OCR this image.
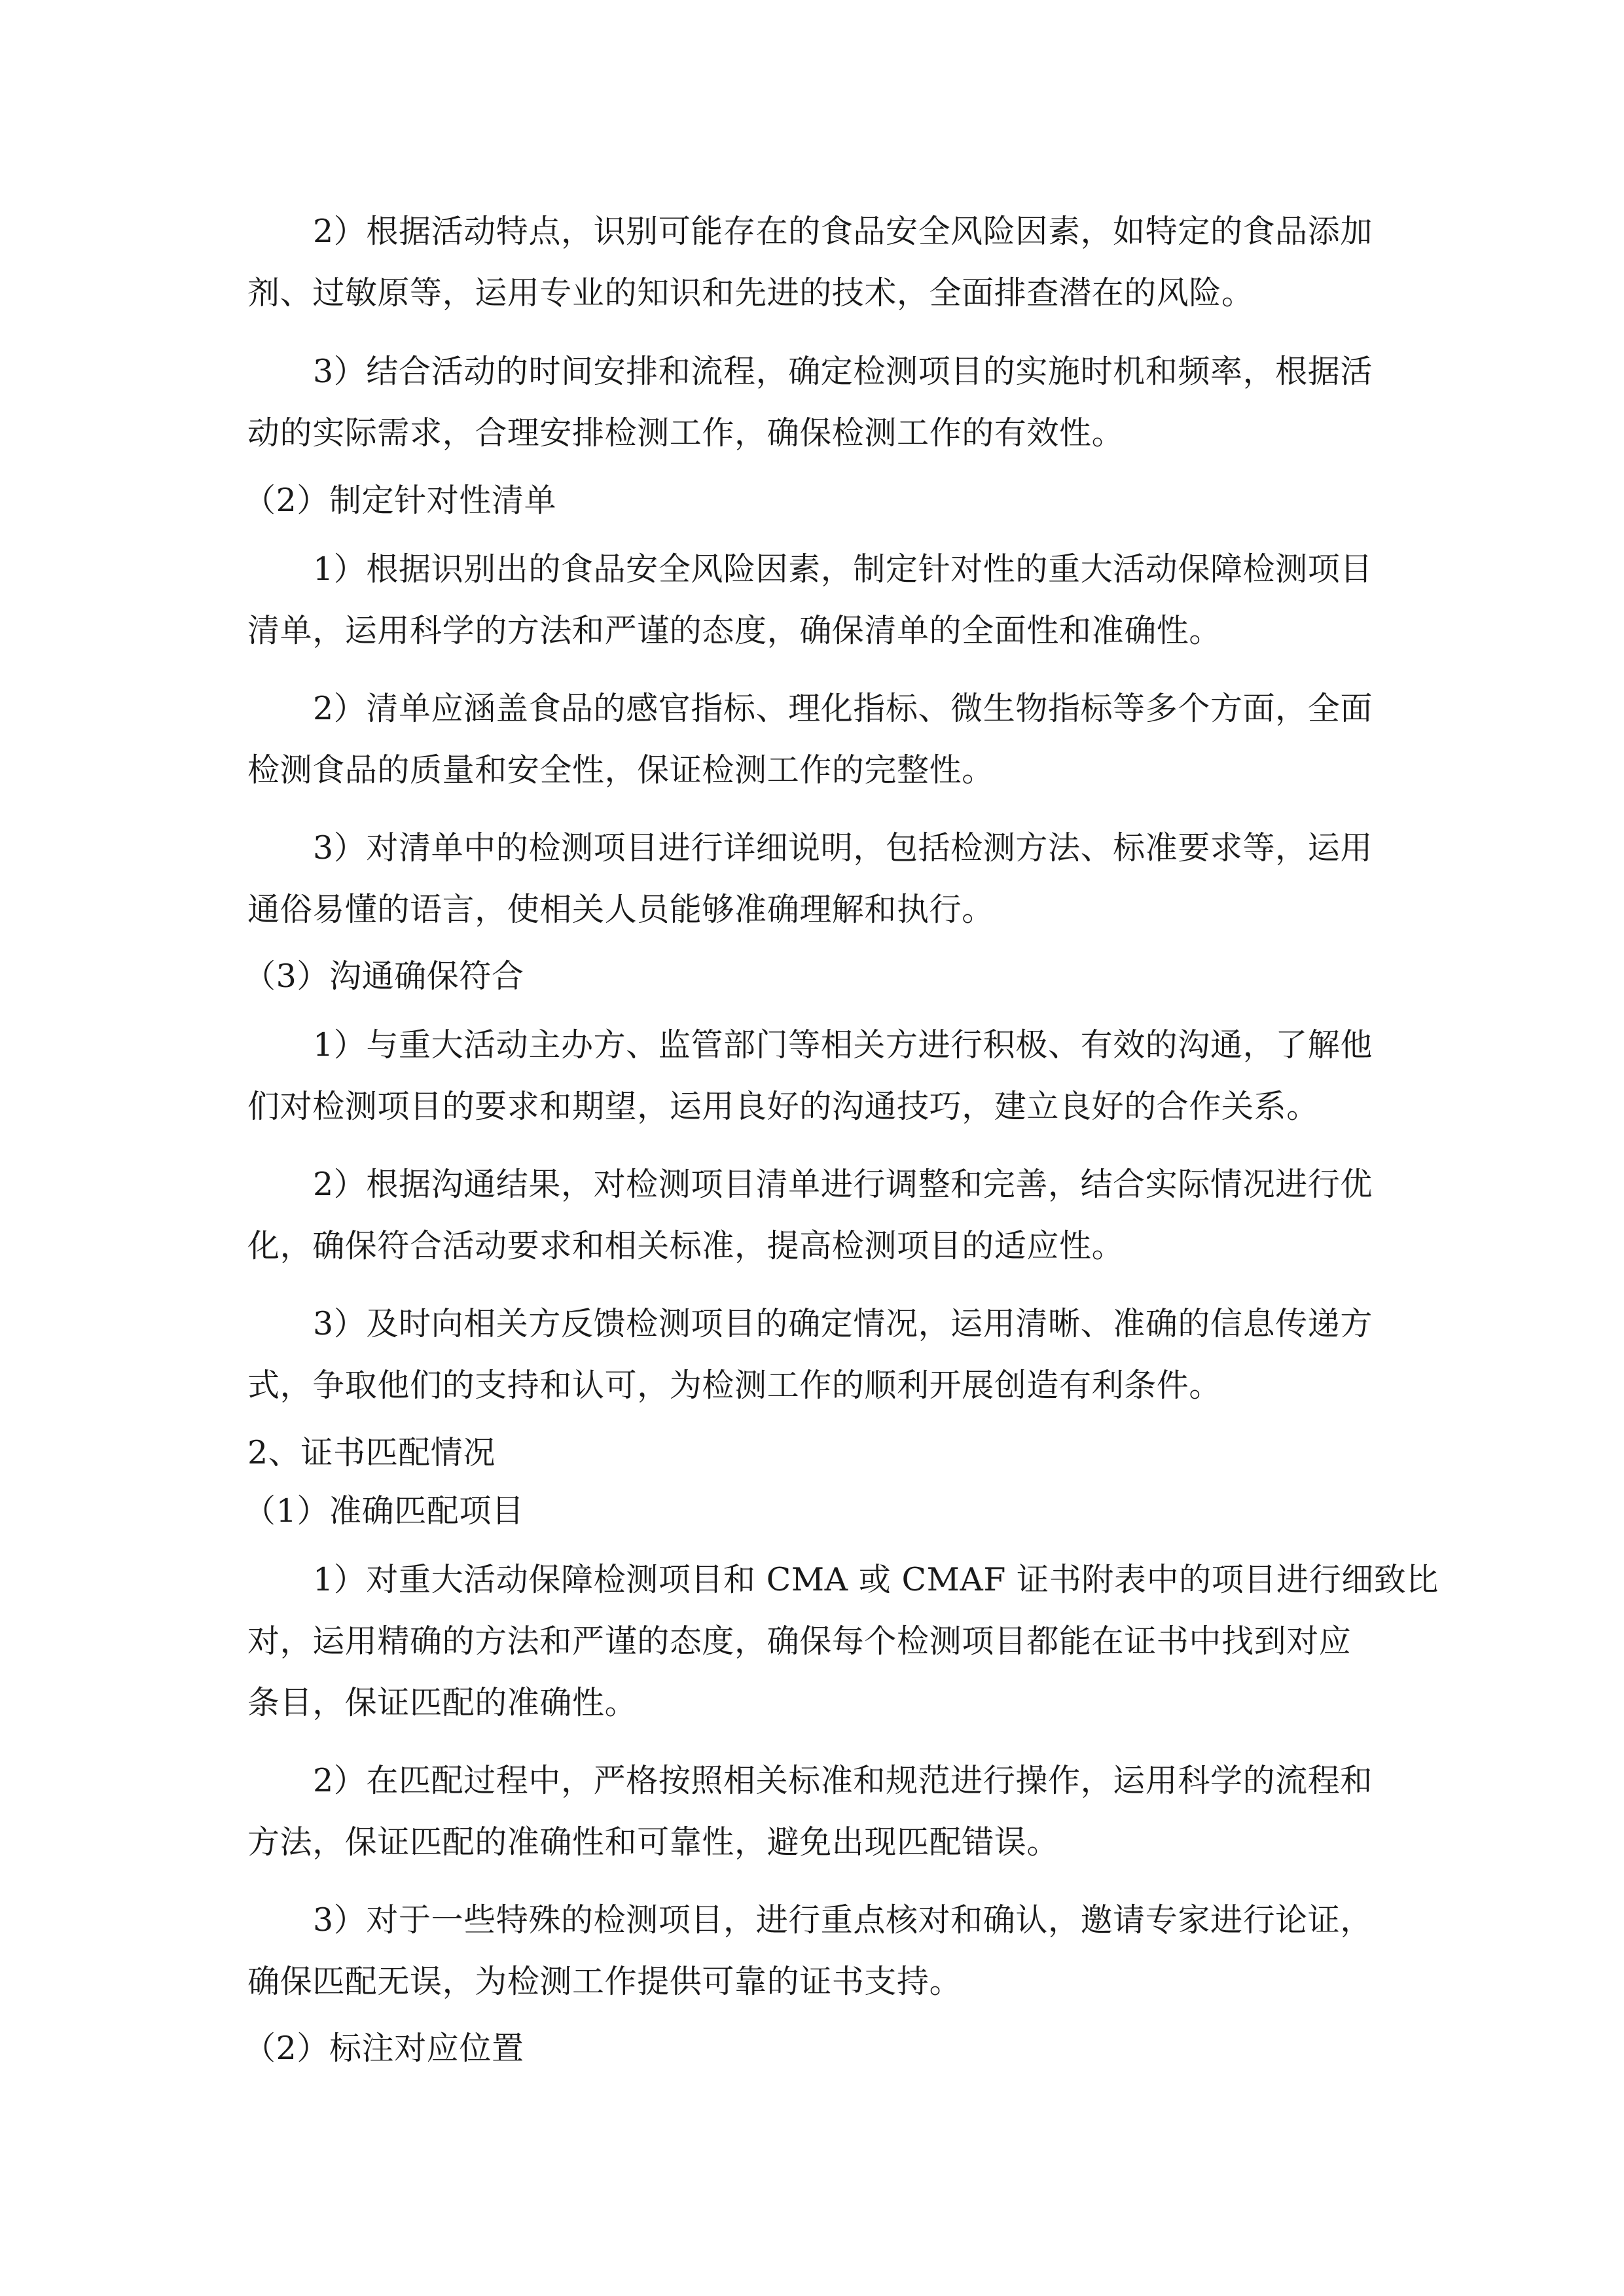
2）根据活动特点，识别可能存在的食品安全风险因素，如特定的食品添加
剂、过敏原等，运用专业的知识和先进的技术，全面排查潜在的风险。
3）结合活动的时间安排和流程，确定检测项目的实施时机和频率，根据活
动的实际需求，合理安排检测工作，确保检测工作的有效性。
（2）制定针对性清单
1）根据识别出的食品安全风险因素，制定针对性的重大活动保障检测项目
清单，运用科学的方法和严谨的态度，确保清单的全面性和准确性。
2）清单应涵盖食品的感官指标、理化指标、微生物指标等多个方面，全面
检测食品的质量和安全性，保证检测工作的完整性。
3）对清单中的检测项目进行详细说明，包括检测方法、标准要求等，运用
通俗易懂的语言，使相关人员能够准确理解和执行。
（3）沟通确保符合
1）与重大活动主办方、监管部门等相关方进行积极、有效的沟通，了解他
们对检测项目的要求和期望，运用良好的沟通技巧，建立良好的合作关系。
2）根据沟通结果，对检测项目清单进行调整和完善，结合实际情况进行优
化，确保符合活动要求和相关标准，提高检测项目的适应性。
3）及时向相关方反馈检测项目的确定情况，运用清晰、准确的信息传递方
式，争取他们的支持和认可，为检测工作的顺利开展创造有利条件。
2、证书匹配情况
（1）准确匹配项目
1）对重大活动保障检测项目和 CMA 或 CMAF 证书附表中的项目进行细致比
对，运用精确的方法和严谨的态度，确保每个检测项目都能在证书中找到对应
条目，保证匹配的准确性。
2）在匹配过程中，严格按照相关标准和规范进行操作，运用科学的流程和
方法，保证匹配的准确性和可靠性，避免出现匹配错误。
3）对于一些特殊的检测项目，进行重点核对和确认，邀请专家进行论证，
确保匹配无误，为检测工作提供可靠的证书支持。
（2）标注对应位置
